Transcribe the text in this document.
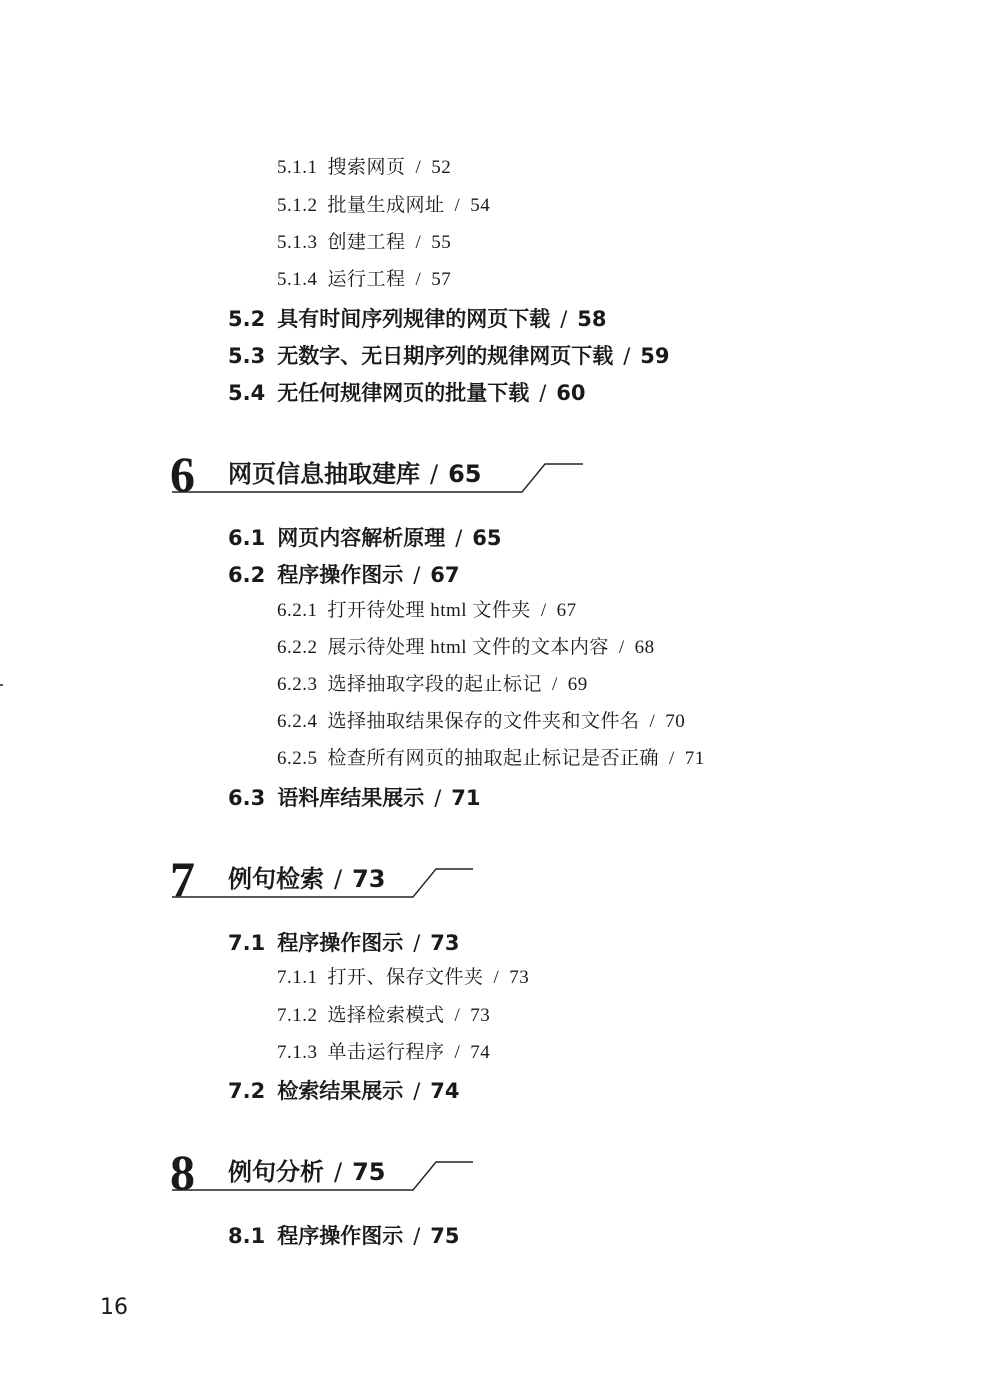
5.1.1 搜索网页 / 52
5.1.2 批量生成网址 / 54
5.1.3 创建工程 / 55
5.1.4 运行工程 / 57
5.2 具有时间序列规律的网页下载 / 58
5.3 无数字、无日期序列的规律网页下载 / 59
5.4 无任何规律网页的批量下载 / 60
6 网页信息抽取建库 / 65
6.1 网页内容解析原理 / 65
6.2 程序操作图示 / 67
6.2.1 打开待处理 html 文件夹 / 67
6.2.2 展示待处理 html 文件的文本内容 / 68
6.2.3 选择抽取字段的起止标记 / 69
6.2.4 选择抽取结果保存的文件夹和文件名 / 70
6.2.5 检查所有网页的抽取起止标记是否正确 / 71
6.3 语料库结果展示 / 71
7 例句检索 / 73
7.1 程序操作图示 / 73
7.1.1 打开、保存文件夹 / 73
7.1.2 选择检索模式 / 73
7.1.3 单击运行程序 / 74
7.2 检索结果展示 / 74
8 例句分析 / 75
8.1 程序操作图示 / 75
16
